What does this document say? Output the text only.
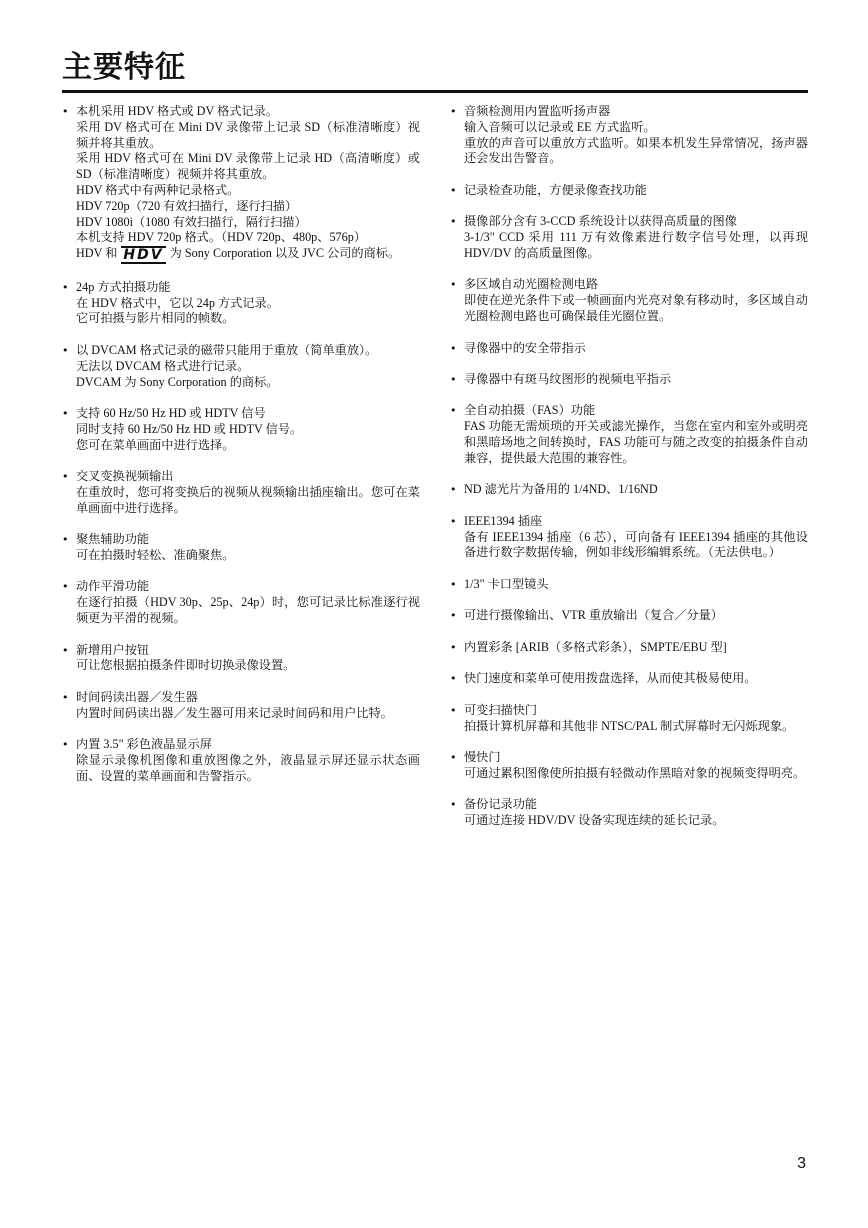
主要特征
• 本机采用 HDV 格式或 DV 格式记录。
采用 DV 格式可在 Mini DV 录像带上记录 SD（标准清晰度）视频并将其重放。
采用 HDV 格式可在 Mini DV 录像带上记录 HD（高清晰度）或 SD（标准清晰度）视频并将其重放。
HDV 格式中有两种记录格式。
HDV 720p（720 有效扫描行，逐行扫描）
HDV 1080i（1080 有效扫描行，隔行扫描）
本机支持 HDV 720p 格式。（HDV 720p、480p、576p）
HDV 和 HDV 为 Sony Corporation 以及 JVC 公司的商标。
• 24p 方式拍摄功能
在 HDV 格式中，它以 24p 方式记录。
它可拍摄与影片相同的帧数。
• 以 DVCAM 格式记录的磁带只能用于重放（简单重放）。
无法以 DVCAM 格式进行记录。
DVCAM 为 Sony Corporation 的商标。
• 支持 60 Hz/50 Hz HD 或 HDTV 信号
同时支持 60 Hz/50 Hz HD 或 HDTV 信号。
您可在菜单画面中进行选择。
• 交叉变换视频输出
在重放时，您可将变换后的视频从视频输出插座输出。您可在菜单画面中进行选择。
• 聚焦辅助功能
可在拍摄时轻松、准确聚焦。
• 动作平滑功能
在逐行拍摄（HDV 30p、25p、24p）时，您可记录比标准逐行视频更为平滑的视频。
• 新增用户按钮
可让您根据拍摄条件即时切换录像设置。
• 时间码读出器／发生器
内置时间码读出器／发生器可用来记录时间码和用户比特。
• 内置 3.5" 彩色液晶显示屏
除显示录像机图像和重放图像之外，液晶显示屏还显示状态画面、设置的菜单画面和告警指示。
• 音频检测用内置监听扬声器
输入音频可以记录或 EE 方式监听。
重放的声音可以重放方式监听。如果本机发生异常情况，扬声器还会发出告警音。
• 记录检查功能，方便录像查找功能
• 摄像部分含有 3-CCD 系统设计以获得高质量的图像
3-1/3" CCD 采用 111 万有效像素进行数字信号处理，以再现 HDV/DV 的高质量图像。
• 多区域自动光圈检测电路
即使在逆光条件下或一帧画面内光亮对象有移动时，多区域自动光圈检测电路也可确保最佳光圈位置。
• 寻像器中的安全带指示
• 寻像器中有斑马纹图形的视频电平指示
• 全自动拍摄（FAS）功能
FAS 功能无需烦琐的开关或滤光操作，当您在室内和室外或明亮和黑暗场地之间转换时，FAS 功能可与随之改变的拍摄条件自动兼容，提供最大范围的兼容性。
• ND 滤光片为备用的 1/4ND、1/16ND
• IEEE1394 插座
备有 IEEE1394 插座（6 芯），可向备有 IEEE1394 插座的其他设备进行数字数据传输，例如非线形编辑系统。（无法供电。）
• 1/3" 卡口型镜头
• 可进行摄像输出、VTR 重放输出（复合／分量）
• 内置彩条 [ARIB（多格式彩条），SMPTE/EBU 型]
• 快门速度和菜单可使用拨盘选择，从而使其极易使用。
• 可变扫描快门
拍摄计算机屏幕和其他非 NTSC/PAL 制式屏幕时无闪烁现象。
• 慢快门
可通过累积图像使所拍摄有轻微动作黑暗对象的视频变得明亮。
• 备份记录功能
可通过连接 HDV/DV 设备实现连续的延长记录。
3
